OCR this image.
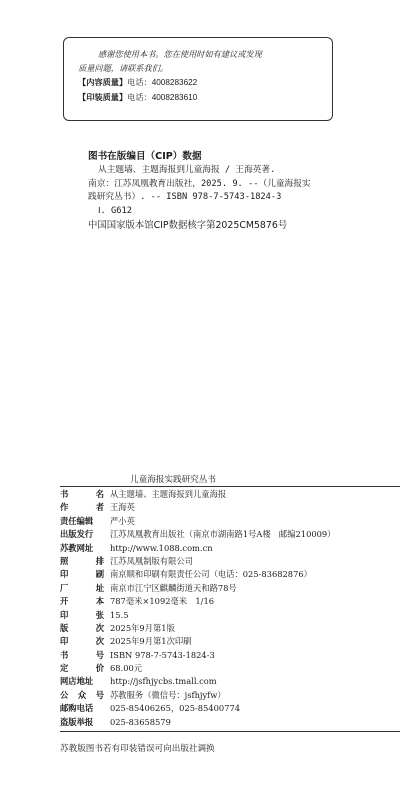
感谢您使用本书。您在使用时如有建议或发现

质量问题，请联系我们。

【内容质量】电话：4008283622
【印装质量】电话：4008283610
图书在版编目（CIP）数据
从主题墙、主题海报到儿童海报 / 王海英著.
南京：江苏凤凰教育出版社，2025. 9. --（儿童海报实
践研究丛书）. -- ISBN 978-7-5743-1824-3
Ⅰ. G612
中国国家版本馆CIP数据核字第2025CM5876号
儿童海报实践研究丛书
书	名 从主题墙、主题海报到儿童海报
作	者 王海英
责任编辑 严小英
出版发行 江苏凤凰教育出版社（南京市湖南路1号A楼　邮编210009）
苏教网址 http://www.1088.com.cn
照	排 江苏凤凰制版有限公司
印	刷 南京顺和印刷有限责任公司（电话：025-83682876）
厂	址 南京市江宁区麒麟街道天和路78号
开	本 787毫米×1092毫米　1/16
印	张 15.5
版	次 2025年9月第1版
印	次 2025年9月第1次印刷
书	号 ISBN 978-7-5743-1824-3
定	价 68.00元
网店地址 http://jsfhjycbs.tmall.com
公 众 号 苏教服务（微信号：jsfhjyfw）
邮购电话 025-85406265，025-85400774
盗版举报 025-83658579
苏教版图书若有印装错误可向出版社调换
